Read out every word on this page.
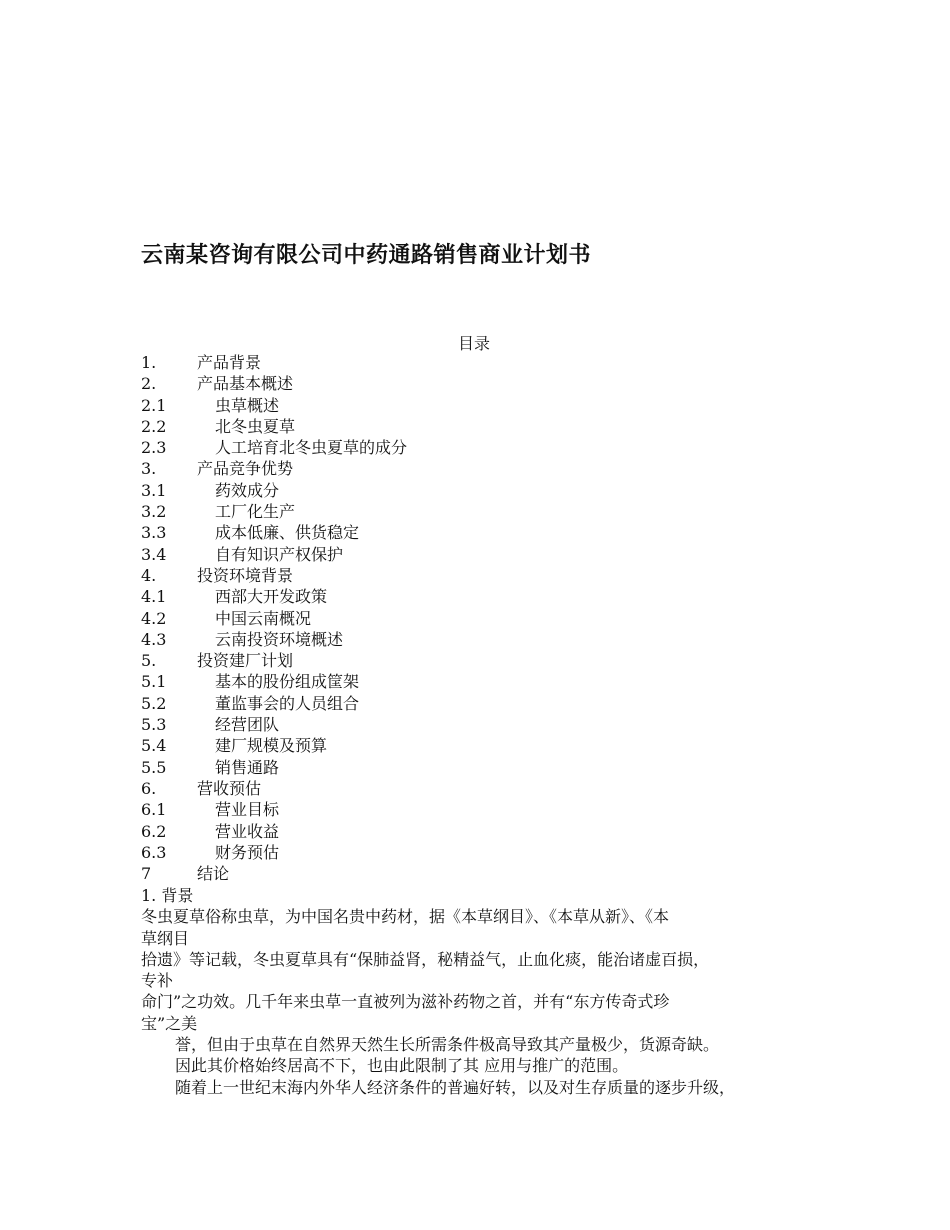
云南某咨询有限公司中药通路销售商业计划书
目录
1.	产品背景
2.	产品基本概述
2.1	虫草概述
2.2	北冬虫夏草
2.3	人工培育北冬虫夏草的成分
3.	产品竞争优势
3.1	药效成分
3.2	工厂化生产
3.3	成本低廉、供货稳定
3.4	自有知识产权保护
4.	投资环境背景
4.1	西部大开发政策
4.2	中国云南概况
4.3	云南投资环境概述
5.	投资建厂计划
5.1	基本的股份组成筐架
5.2	董监事会的人员组合
5.3	经营团队
5.4	建厂规模及预算
5.5	销售通路
6.	营收预估
6.1	营业目标
6.2	营业收益
6.3	财务预估
7	结论
1. 背景
冬虫夏草俗称虫草，为中国名贵中药材，据《本草纲目》、《本草从新》、《本
草纲目
拾遗》等记载，冬虫夏草具有“保肺益肾，秘精益气，止血化痰，能治诸虚百损，
专补
命门”之功效。几千年来虫草一直被列为滋补药物之首，并有“东方传奇式珍
宝”之美
誉，但由于虫草在自然界天然生长所需条件极高导致其产量极少，货源奇缺。
因此其价格始终居高不下，也由此限制了其 应用与推广的范围。
随着上一世纪末海内外华人经济条件的普遍好转，以及对生存质量的逐步升级，
